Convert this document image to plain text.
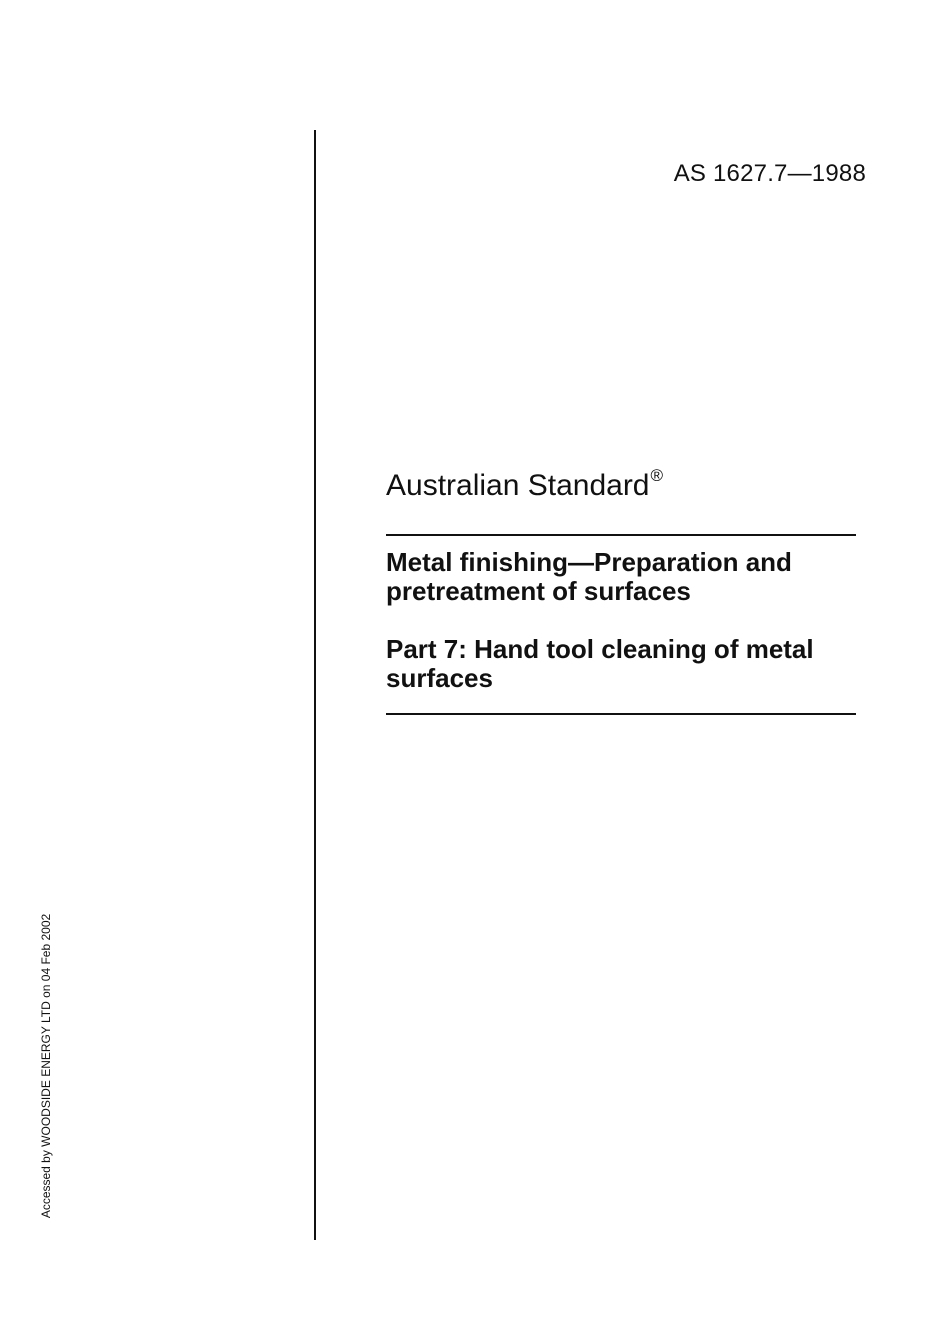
AS 1627.7—1988
Australian Standard®
Metal finishing—Preparation and pretreatment of surfaces
Part 7: Hand tool cleaning of metal surfaces
Accessed by WOODSIDE ENERGY LTD on 04 Feb 2002
